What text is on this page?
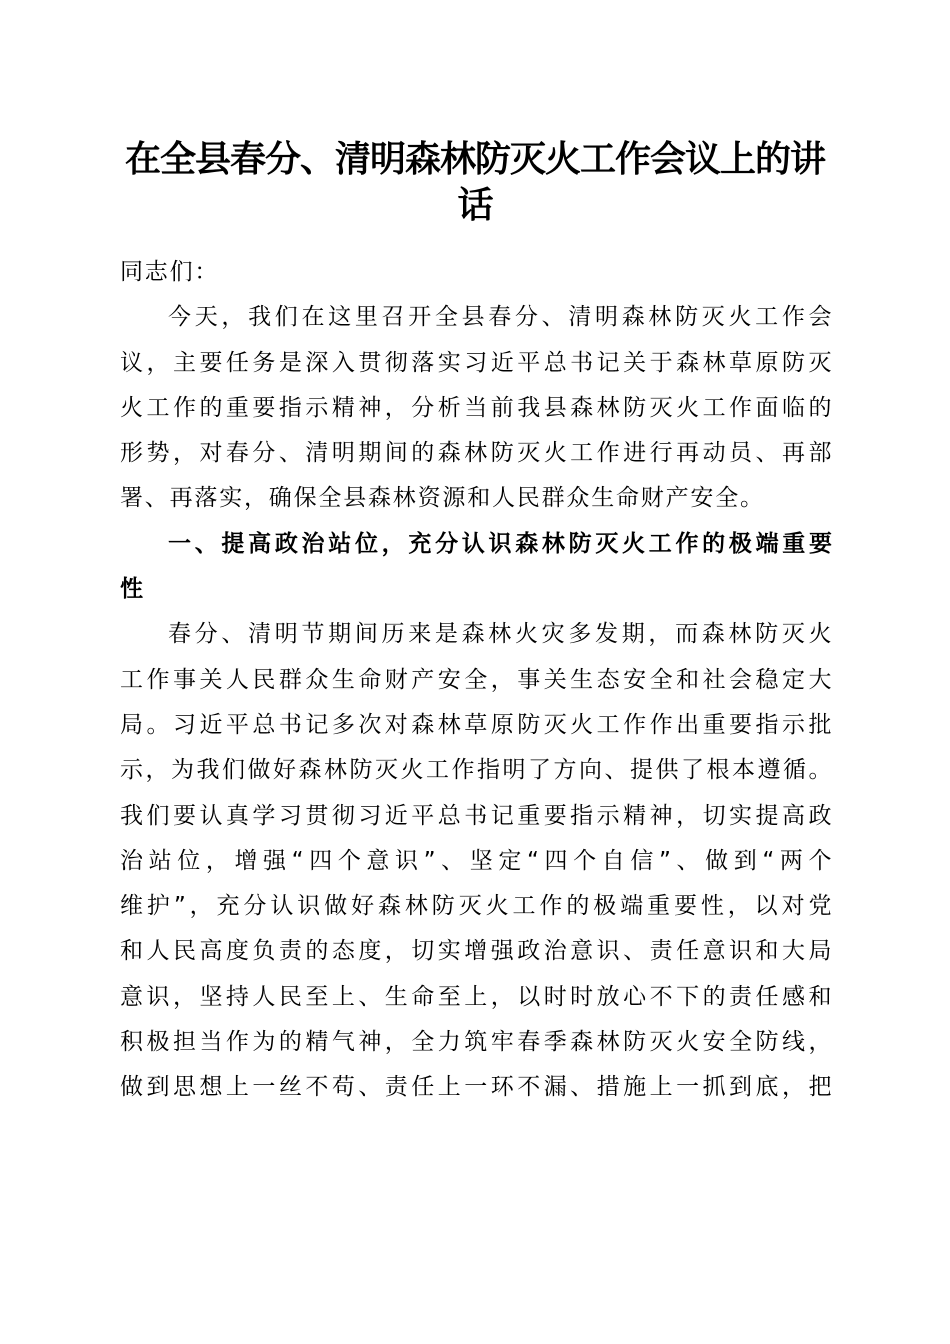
在全县春分、清明森林防灭火工作会议上的讲
话
同志们：
今天，我们在这里召开全县春分、清明森林防灭火工作会
议，主要任务是深入贯彻落实习近平总书记关于森林草原防灭
火工作的重要指示精神，分析当前我县森林防灭火工作面临的
形势，对春分、清明期间的森林防灭火工作进行再动员、再部
署、再落实，确保全县森林资源和人民群众生命财产安全。
一、提高政治站位，充分认识森林防灭火工作的极端重要
性
春分、清明节期间历来是森林火灾多发期，而森林防灭火
工作事关人民群众生命财产安全，事关生态安全和社会稳定大
局。习近平总书记多次对森林草原防灭火工作作出重要指示批
示，为我们做好森林防灭火工作指明了方向、提供了根本遵循。
我们要认真学习贯彻习近平总书记重要指示精神，切实提高政
治站位，增强“四个意识”、坚定“四个自信”、做到“两个
维护”，充分认识做好森林防灭火工作的极端重要性，以对党
和人民高度负责的态度，切实增强政治意识、责任意识和大局
意识，坚持人民至上、生命至上，以时时放心不下的责任感和
积极担当作为的精气神，全力筑牢春季森林防灭火安全防线，
做到思想上一丝不苟、责任上一环不漏、措施上一抓到底，把
